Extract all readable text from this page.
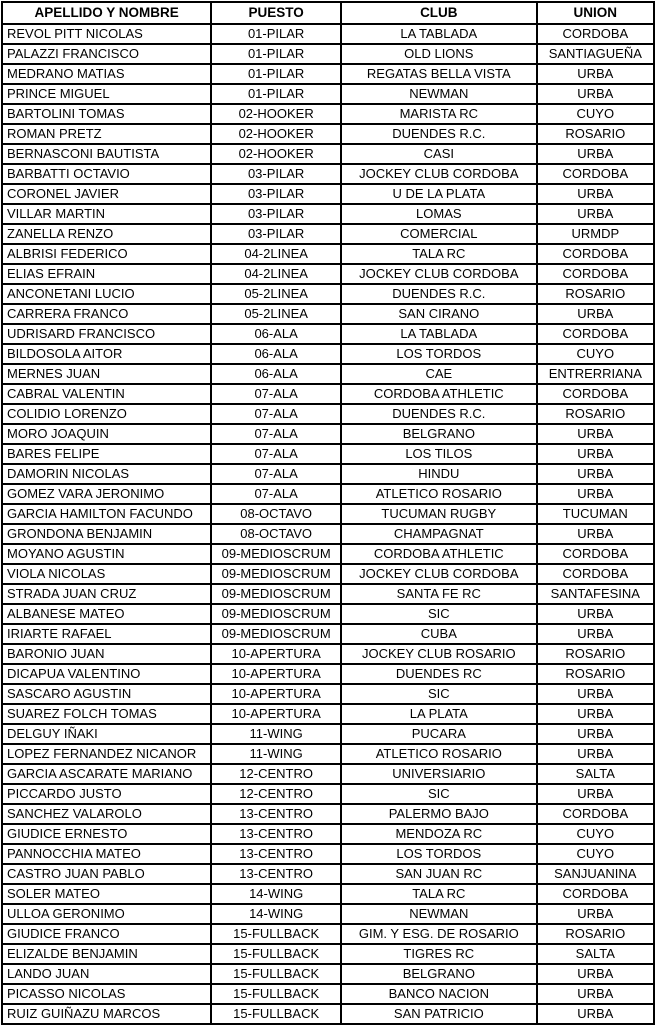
APELLIDO Y NOMBRE	PUESTO	CLUB	UNION
REVOL PITT NICOLAS	01-PILAR	LA TABLADA	CORDOBA
PALAZZI FRANCISCO	01-PILAR	OLD LIONS	SANTIAGUEÑA
MEDRANO MATIAS	01-PILAR	REGATAS BELLA VISTA	URBA
PRINCE MIGUEL	01-PILAR	NEWMAN	URBA
BARTOLINI TOMAS	02-HOOKER	MARISTA RC	CUYO
ROMAN PRETZ	02-HOOKER	DUENDES R.C.	ROSARIO
BERNASCONI BAUTISTA	02-HOOKER	CASI	URBA
BARBATTI OCTAVIO	03-PILAR	JOCKEY CLUB CORDOBA	CORDOBA
CORONEL JAVIER	03-PILAR	U DE LA PLATA	URBA
VILLAR MARTIN	03-PILAR	LOMAS	URBA
ZANELLA RENZO	03-PILAR	COMERCIAL	URMDP
ALBRISI FEDERICO	04-2LINEA	TALA RC	CORDOBA
ELIAS EFRAIN	04-2LINEA	JOCKEY CLUB CORDOBA	CORDOBA
ANCONETANI LUCIO	05-2LINEA	DUENDES R.C.	ROSARIO
CARRERA FRANCO	05-2LINEA	SAN CIRANO	URBA
UDRISARD FRANCISCO	06-ALA	LA TABLADA	CORDOBA
BILDOSOLA AITOR	06-ALA	LOS TORDOS	CUYO
MERNES JUAN	06-ALA	CAE	ENTRERRIANA
CABRAL VALENTIN	07-ALA	CORDOBA ATHLETIC	CORDOBA
COLIDIO LORENZO	07-ALA	DUENDES R.C.	ROSARIO
MORO JOAQUIN	07-ALA	BELGRANO	URBA
BARES FELIPE	07-ALA	LOS TILOS	URBA
DAMORIN NICOLAS	07-ALA	HINDU	URBA
GOMEZ VARA JERONIMO	07-ALA	ATLETICO ROSARIO	URBA
GARCIA HAMILTON FACUNDO	08-OCTAVO	TUCUMAN RUGBY	TUCUMAN
GRONDONA BENJAMIN	08-OCTAVO	CHAMPAGNAT	URBA
MOYANO AGUSTIN	09-MEDIOSCRUM	CORDOBA ATHLETIC	CORDOBA
VIOLA NICOLAS	09-MEDIOSCRUM	JOCKEY CLUB CORDOBA	CORDOBA
STRADA JUAN CRUZ	09-MEDIOSCRUM	SANTA FE RC	SANTAFESINA
ALBANESE MATEO	09-MEDIOSCRUM	SIC	URBA
IRIARTE RAFAEL	09-MEDIOSCRUM	CUBA	URBA
BARONIO JUAN	10-APERTURA	JOCKEY CLUB ROSARIO	ROSARIO
DICAPUA VALENTINO	10-APERTURA	DUENDES RC	ROSARIO
SASCARO AGUSTIN	10-APERTURA	SIC	URBA
SUAREZ FOLCH TOMAS	10-APERTURA	LA PLATA	URBA
DELGUY IÑAKI	11-WING	PUCARA	URBA
LOPEZ FERNANDEZ NICANOR	11-WING	ATLETICO ROSARIO	URBA
GARCIA ASCARATE MARIANO	12-CENTRO	UNIVERSIARIO	SALTA
PICCARDO JUSTO	12-CENTRO	SIC	URBA
SANCHEZ VALAROLO	13-CENTRO	PALERMO BAJO	CORDOBA
GIUDICE ERNESTO	13-CENTRO	MENDOZA RC	CUYO
PANNOCCHIA MATEO	13-CENTRO	LOS TORDOS	CUYO
CASTRO JUAN PABLO	13-CENTRO	SAN JUAN RC	SANJUANINA
SOLER MATEO	14-WING	TALA RC	CORDOBA
ULLOA GERONIMO	14-WING	NEWMAN	URBA
GIUDICE FRANCO	15-FULLBACK	GIM. Y ESG. DE ROSARIO	ROSARIO
ELIZALDE BENJAMIN	15-FULLBACK	TIGRES RC	SALTA
LANDO JUAN	15-FULLBACK	BELGRANO	URBA
PICASSO NICOLAS	15-FULLBACK	BANCO NACION	URBA
RUIZ GUIÑAZU MARCOS	15-FULLBACK	SAN PATRICIO	URBA
